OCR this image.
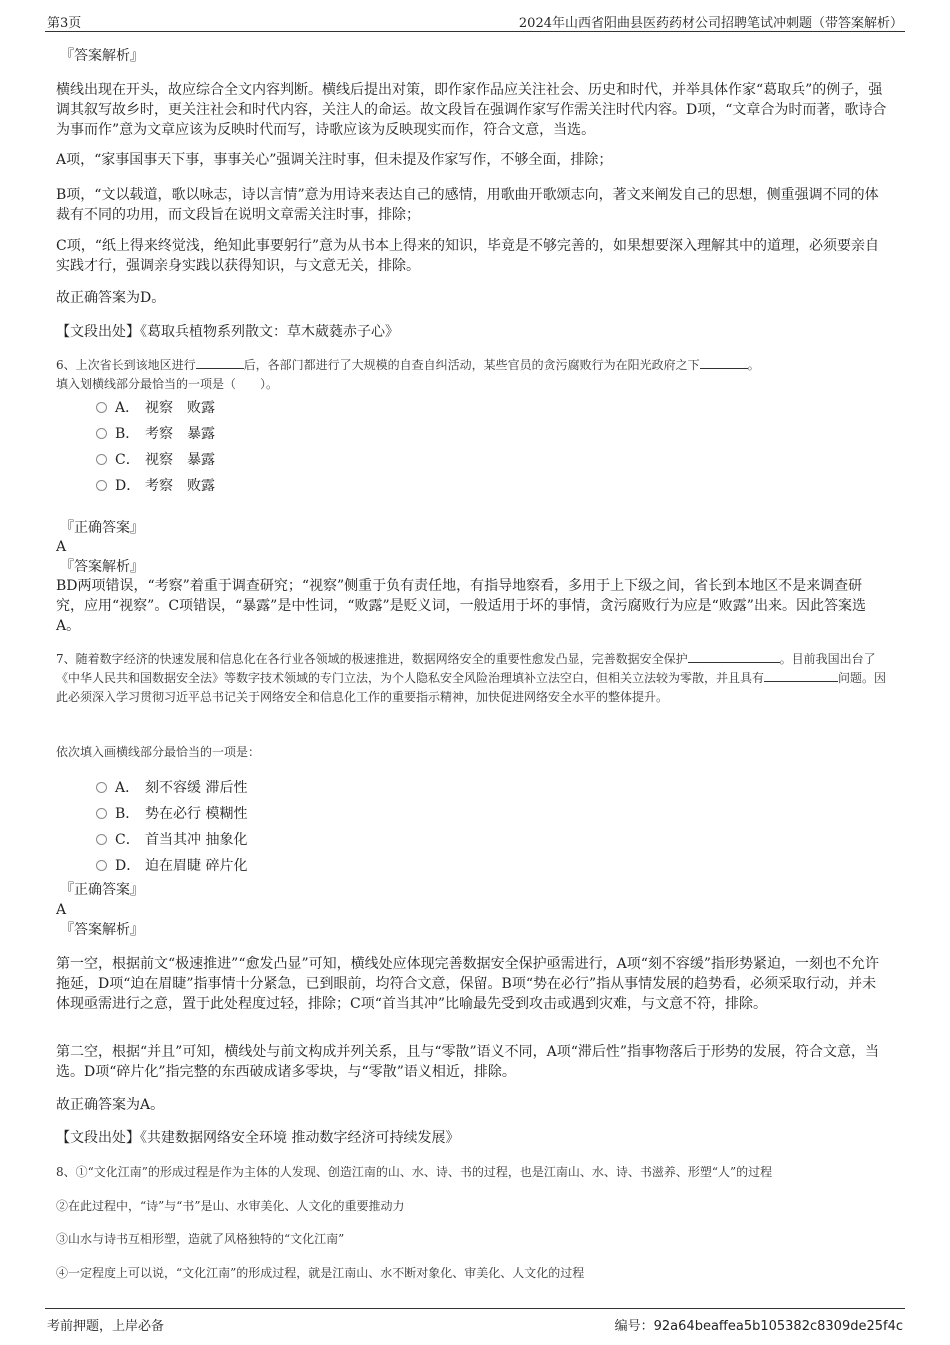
第3页	2024年山西省阳曲县医药药材公司招聘笔试冲刺题（带答案解析）

『答案解析』

横线出现在开头，故应综合全文内容判断。横线后提出对策，即作家作品应关注社会、历史和时代，并举具体作家“葛取兵”的例子，强调其叙写故乡时，更关注社会和时代内容，关注人的命运。故文段旨在强调作家写作需关注时代内容。D项，“文章合为时而著，歌诗合为事而作”意为文章应该为反映时代而写，诗歌应该为反映现实而作，符合文意，当选。

A项，“家事国事天下事，事事关心”强调关注时事，但未提及作家写作，不够全面，排除；

B项，“文以载道，歌以咏志，诗以言情”意为用诗来表达自己的感情，用歌曲开歌颂志向，著文来阐发自己的思想，侧重强调不同的体裁有不同的功用，而文段旨在说明文章需关注时事，排除；

C项，“纸上得来终觉浅，绝知此事要躬行”意为从书本上得来的知识，毕竟是不够完善的，如果想要深入理解其中的道理，必须要亲自实践才行，强调亲身实践以获得知识，与文意无关，排除。

故正确答案为D。

【文段出处】《葛取兵植物系列散文：草木葳蕤赤子心》

6、上次省长到该地区进行	后，各部门都进行了大规模的自查自纠活动，某些官员的贪污腐败行为在阳光政府之下	。

填入划横线部分最恰当的一项是（　　）。

A． 视察　败露
B． 考察　暴露
C． 视察　暴露
D． 考察　败露

『正确答案』

A

『答案解析』

BD两项错误，“考察”着重于调查研究；“视察”侧重于负有责任地，有指导地察看，多用于上下级之间，省长到本地区不是来调查研究，应用“视察”。C项错误，“暴露”是中性词，“败露”是贬义词，一般适用于坏的事情，贪污腐败行为应是“败露”出来。因此答案选A。

7、随着数字经济的快速发展和信息化在各行业各领域的极速推进，数据网络安全的重要性愈发凸显，完善数据安全保护	。目前我国出台了《中华人民共和国数据安全法》等数字技术领域的专门立法，为个人隐私安全风险治理填补立法空白，但相关立法较为零散，并且具有	问题。因此必须深入学习贯彻习近平总书记关于网络安全和信息化工作的重要指示精神，加快促进网络安全水平的整体提升。

依次填入画横线部分最恰当的一项是：

A． 刻不容缓 滞后性
B． 势在必行 模糊性
C． 首当其冲 抽象化
D． 迫在眉睫 碎片化

『正确答案』

A

『答案解析』

第一空，根据前文“极速推进”“愈发凸显”可知，横线处应体现完善数据安全保护亟需进行，A项“刻不容缓”指形势紧迫，一刻也不允许拖延，D项“迫在眉睫”指事情十分紧急，已到眼前，均符合文意，保留。B项“势在必行”指从事情发展的趋势看，必须采取行动，并未体现亟需进行之意，置于此处程度过轻，排除；C项“首当其冲”比喻最先受到攻击或遇到灾难，与文意不符，排除。

第二空，根据“并且”可知，横线处与前文构成并列关系，且与“零散”语义不同，A项“滞后性”指事物落后于形势的发展，符合文意，当选。D项“碎片化”指完整的东西破成诸多零块，与“零散”语义相近，排除。

故正确答案为A。

【文段出处】《共建数据网络安全环境 推动数字经济可持续发展》

8、①“文化江南”的形成过程是作为主体的人发现、创造江南的山、水、诗、书的过程，也是江南山、水、诗、书滋养、形塑“人”的过程

②在此过程中，“诗”与“书”是山、水审美化、人文化的重要推动力

③山水与诗书互相形塑，造就了风格独特的“文化江南”

④一定程度上可以说，“文化江南”的形成过程，就是江南山、水不断对象化、审美化、人文化的过程

考前押题，上岸必备	编号：92a64beaffea5b105382c8309de25f4c
